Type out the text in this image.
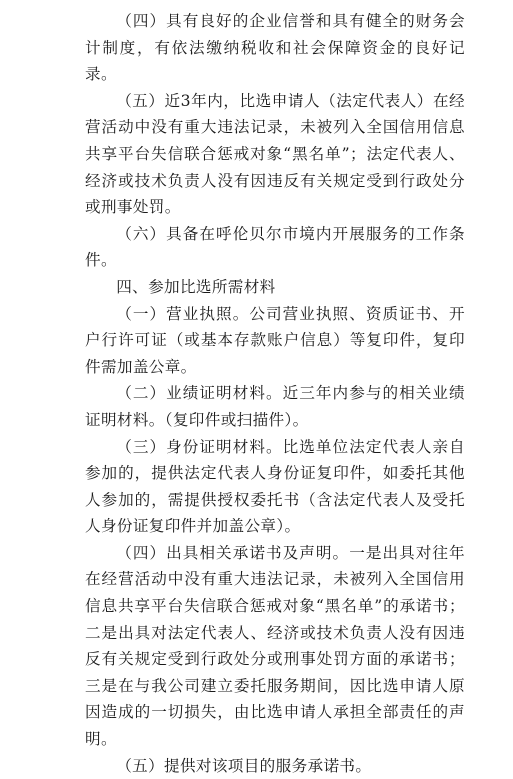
（四）具有良好的企业信誉和具有健全的财务会计制度，有依法缴纳税收和社会保障资金的良好记录。

（五）近3年内，比选申请人（法定代表人）在经营活动中没有重大违法记录，未被列入全国信用信息共享平台失信联合惩戒对象“黑名单”；法定代表人、经济或技术负责人没有因违反有关规定受到行政处分或刑事处罚。

（六）具备在呼伦贝尔市境内开展服务的工作条件。

四、参加比选所需材料

（一）营业执照。公司营业执照、资质证书、开户行许可证（或基本存款账户信息）等复印件，复印件需加盖公章。

（二）业绩证明材料。近三年内参与的相关业绩证明材料。（复印件或扫描件）。

（三）身份证明材料。比选单位法定代表人亲自参加的，提供法定代表人身份证复印件，如委托其他人参加的，需提供授权委托书（含法定代表人及受托人身份证复印件并加盖公章）。

（四）出具相关承诺书及声明。一是出具对往年在经营活动中没有重大违法记录，未被列入全国信用信息共享平台失信联合惩戒对象“黑名单”的承诺书；二是出具对法定代表人、经济或技术负责人没有因违反有关规定受到行政处分或刑事处罚方面的承诺书；三是在与我公司建立委托服务期间，因比选申请人原因造成的一切损失，由比选申请人承担全部责任的声明。

（五）提供对该项目的服务承诺书。
